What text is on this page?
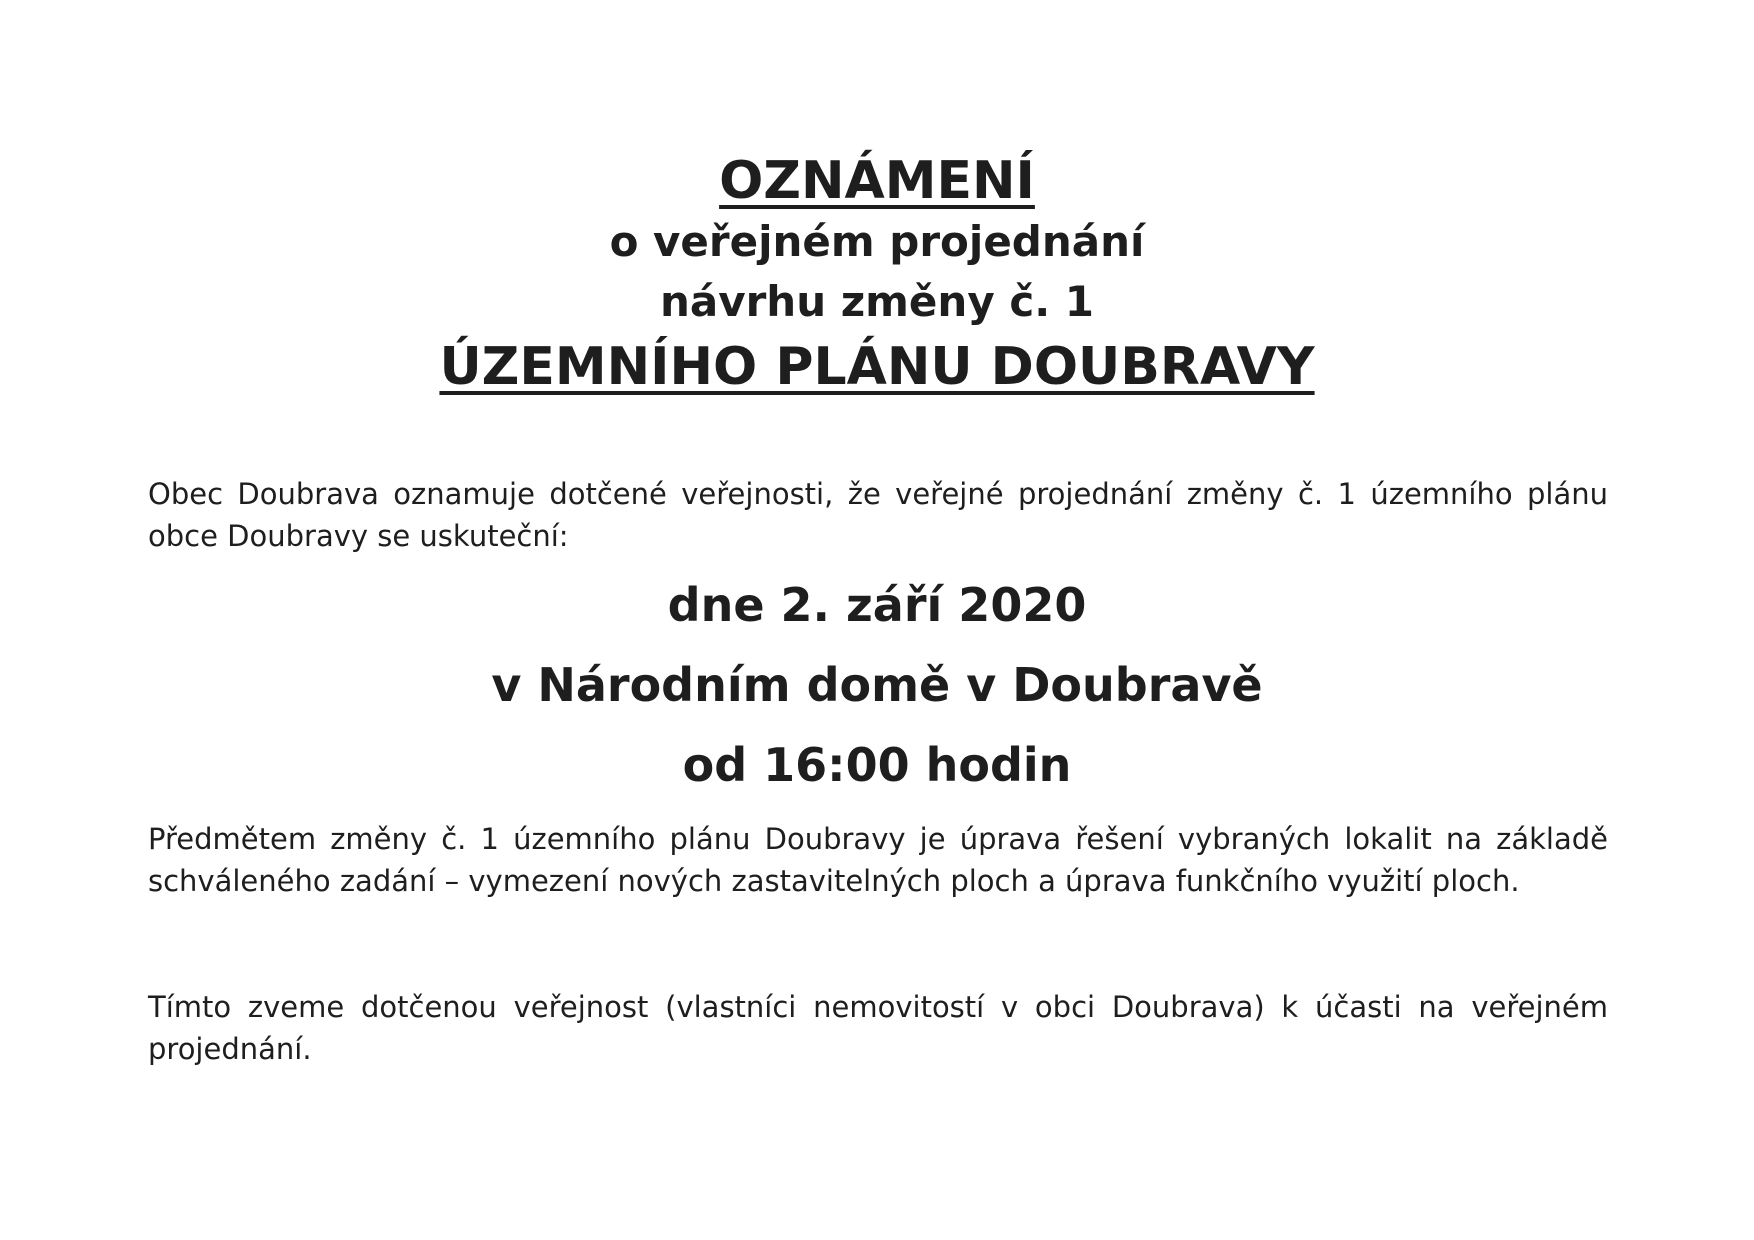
OZNÁMENÍ

o veřejném projednání

návrhu změny č. 1

ÚZEMNÍHO PLÁNU DOUBRAVY

Obec Doubrava oznamuje dotčené veřejnosti, že veřejné projednání změny č. 1 územního plánu obce Doubravy se uskuteční:

dne 2. září 2020

v Národním domě v Doubravě

od 16:00 hodin

Předmětem změny č. 1 územního plánu Doubravy je úprava řešení vybraných lokalit na základě schváleného zadání – vymezení nových zastavitelných ploch a úprava funkčního využití ploch.

Tímto zveme dotčenou veřejnost (vlastníci nemovitostí v obci Doubrava) k účasti na veřejném projednání.
